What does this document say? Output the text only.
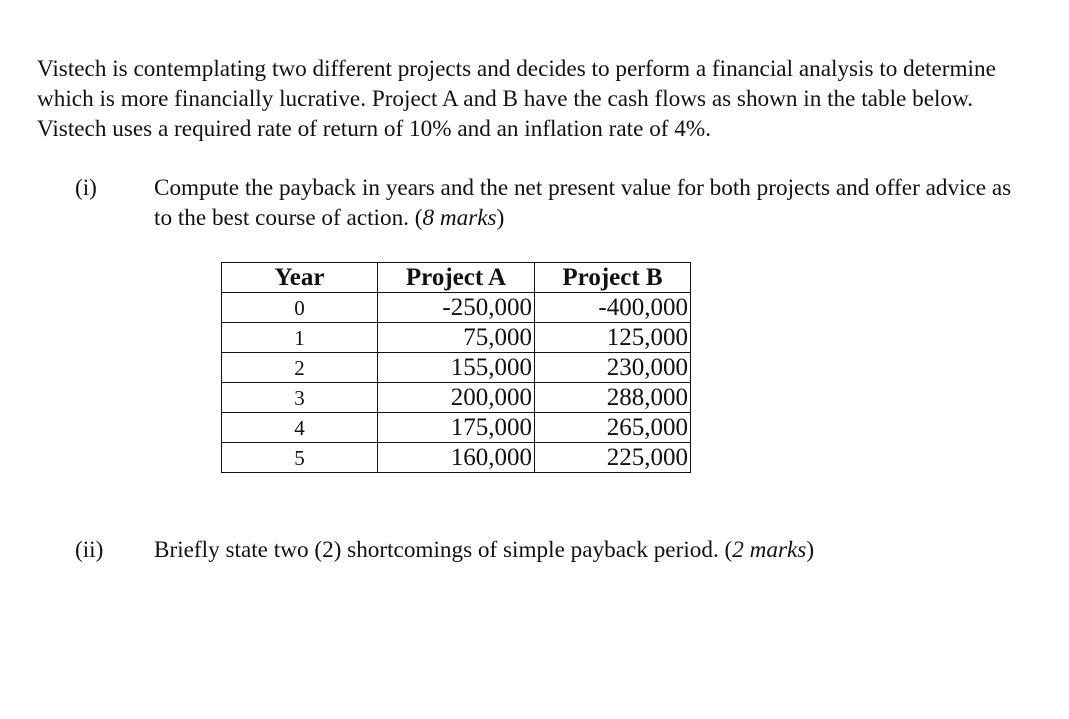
Vistech is contemplating two different projects and decides to perform a financial analysis to determine which is more financially lucrative. Project A and B have the cash flows as shown in the table below. Vistech uses a required rate of return of 10% and an inflation rate of 4%.

(i) Compute the payback in years and the net present value for both projects and offer advice as to the best course of action. (8 marks)

Year	Project A	Project B
0	-250,000	-400,000
1	75,000	125,000
2	155,000	230,000
3	200,000	288,000
4	175,000	265,000
5	160,000	225,000
(ii) Briefly state two (2) shortcomings of simple payback period. (2 marks)
